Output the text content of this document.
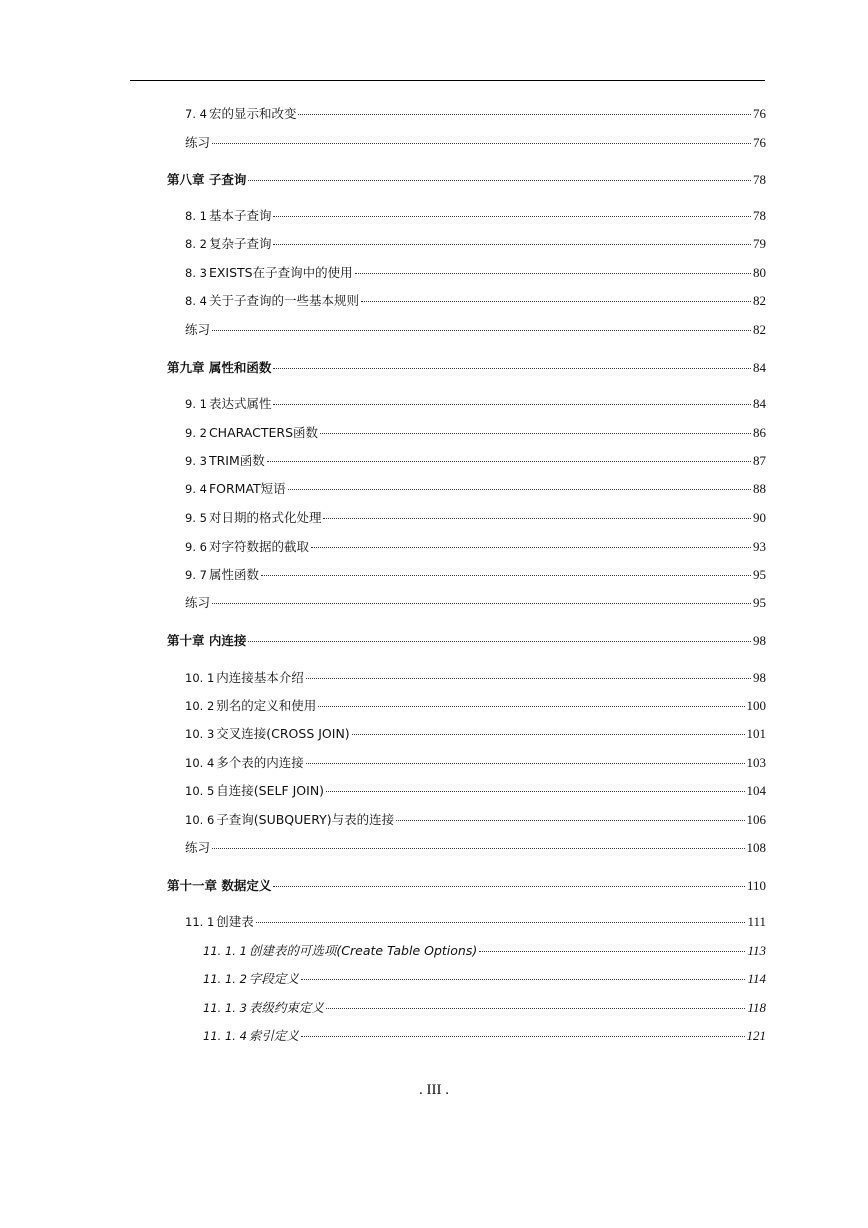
7. 4 宏的显示和改变	76
练习	76
第八章 子查询	78
8. 1 基本子查询	78
8. 2 复杂子查询	79
8. 3 EXISTS在子查询中的使用	80
8. 4 关于子查询的一些基本规则	82
练习	82
第九章 属性和函数	84
9. 1 表达式属性	84
9. 2 CHARACTERS函数	86
9. 3 TRIM函数	87
9. 4 FORMAT短语	88
9. 5 对日期的格式化处理	90
9. 6 对字符数据的截取	93
9. 7 属性函数	95
练习	95
第十章 内连接	98
10. 1 内连接基本介绍	98
10. 2 别名的定义和使用	100
10. 3 交叉连接(CROSS JOIN)	101
10. 4 多个表的内连接	103
10. 5 自连接(SELF JOIN)	104
10. 6 子查询(SUBQUERY)与表的连接	106
练习	108
第十一章 数据定义	110
11. 1 创建表	111
11. 1. 1 创建表的可选项(Create Table Options)	113
11. 1. 2 字段定义	114
11. 1. 3 表级约束定义	118
11. 1. 4 索引定义	121
. III .
